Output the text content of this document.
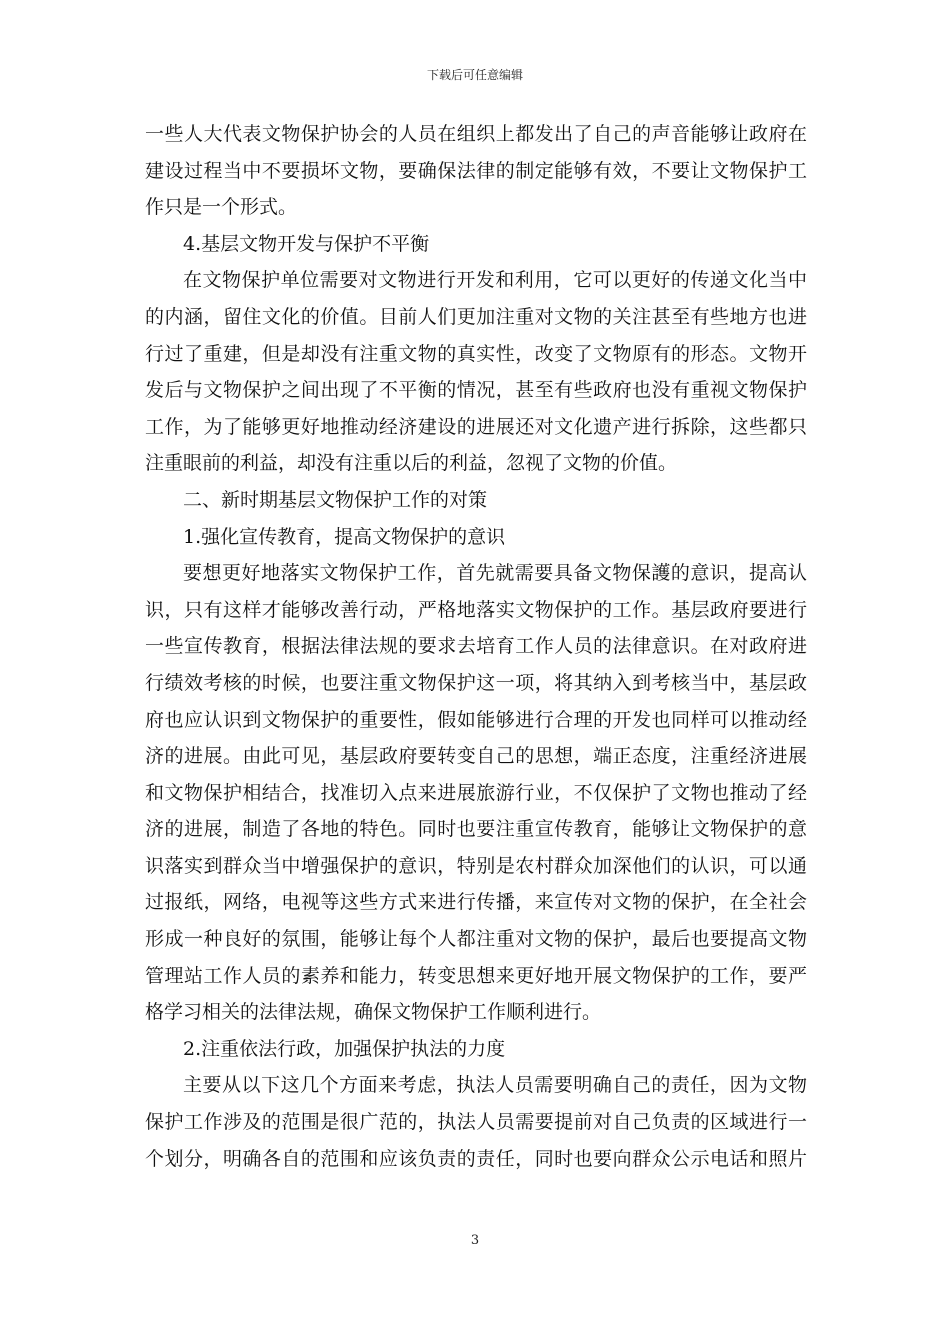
下载后可任意编辑
一些人大代表文物保护协会的人员在组织上都发出了自己的声音能够让政府在
建设过程当中不要损坏文物，要确保法律的制定能够有效，不要让文物保护工
作只是一个形式。
4.基层文物开发与保护不平衡
在文物保护单位需要对文物进行开发和利用，它可以更好的传递文化当中
的内涵，留住文化的价值。目前人们更加注重对文物的关注甚至有些地方也进
行过了重建，但是却没有注重文物的真实性，改变了文物原有的形态。文物开
发后与文物保护之间出现了不平衡的情况，甚至有些政府也没有重视文物保护
工作，为了能够更好地推动经济建设的进展还对文化遗产进行拆除，这些都只
注重眼前的利益，却没有注重以后的利益，忽视了文物的价值。
二、新时期基层文物保护工作的对策
1.强化宣传教育，提高文物保护的意识
要想更好地落实文物保护工作，首先就需要具备文物保護的意识，提高认
识，只有这样才能够改善行动，严格地落实文物保护的工作。基层政府要进行
一些宣传教育，根据法律法规的要求去培育工作人员的法律意识。在对政府进
行绩效考核的时候，也要注重文物保护这一项，将其纳入到考核当中，基层政
府也应认识到文物保护的重要性，假如能够进行合理的开发也同样可以推动经
济的进展。由此可见，基层政府要转变自己的思想，端正态度，注重经济进展
和文物保护相结合，找准切入点来进展旅游行业，不仅保护了文物也推动了经
济的进展，制造了各地的特色。同时也要注重宣传教育，能够让文物保护的意
识落实到群众当中增强保护的意识，特别是农村群众加深他们的认识，可以通
过报纸，网络，电视等这些方式来进行传播，来宣传对文物的保护，在全社会
形成一种良好的氛围，能够让每个人都注重对文物的保护，最后也要提高文物
管理站工作人员的素养和能力，转变思想来更好地开展文物保护的工作，要严
格学习相关的法律法规，确保文物保护工作顺利进行。
2.注重依法行政，加强保护执法的力度
主要从以下这几个方面来考虑，执法人员需要明确自己的责任，因为文物
保护工作涉及的范围是很广范的，执法人员需要提前对自己负责的区域进行一
个划分，明确各自的范围和应该负责的责任，同时也要向群众公示电话和照片
3
